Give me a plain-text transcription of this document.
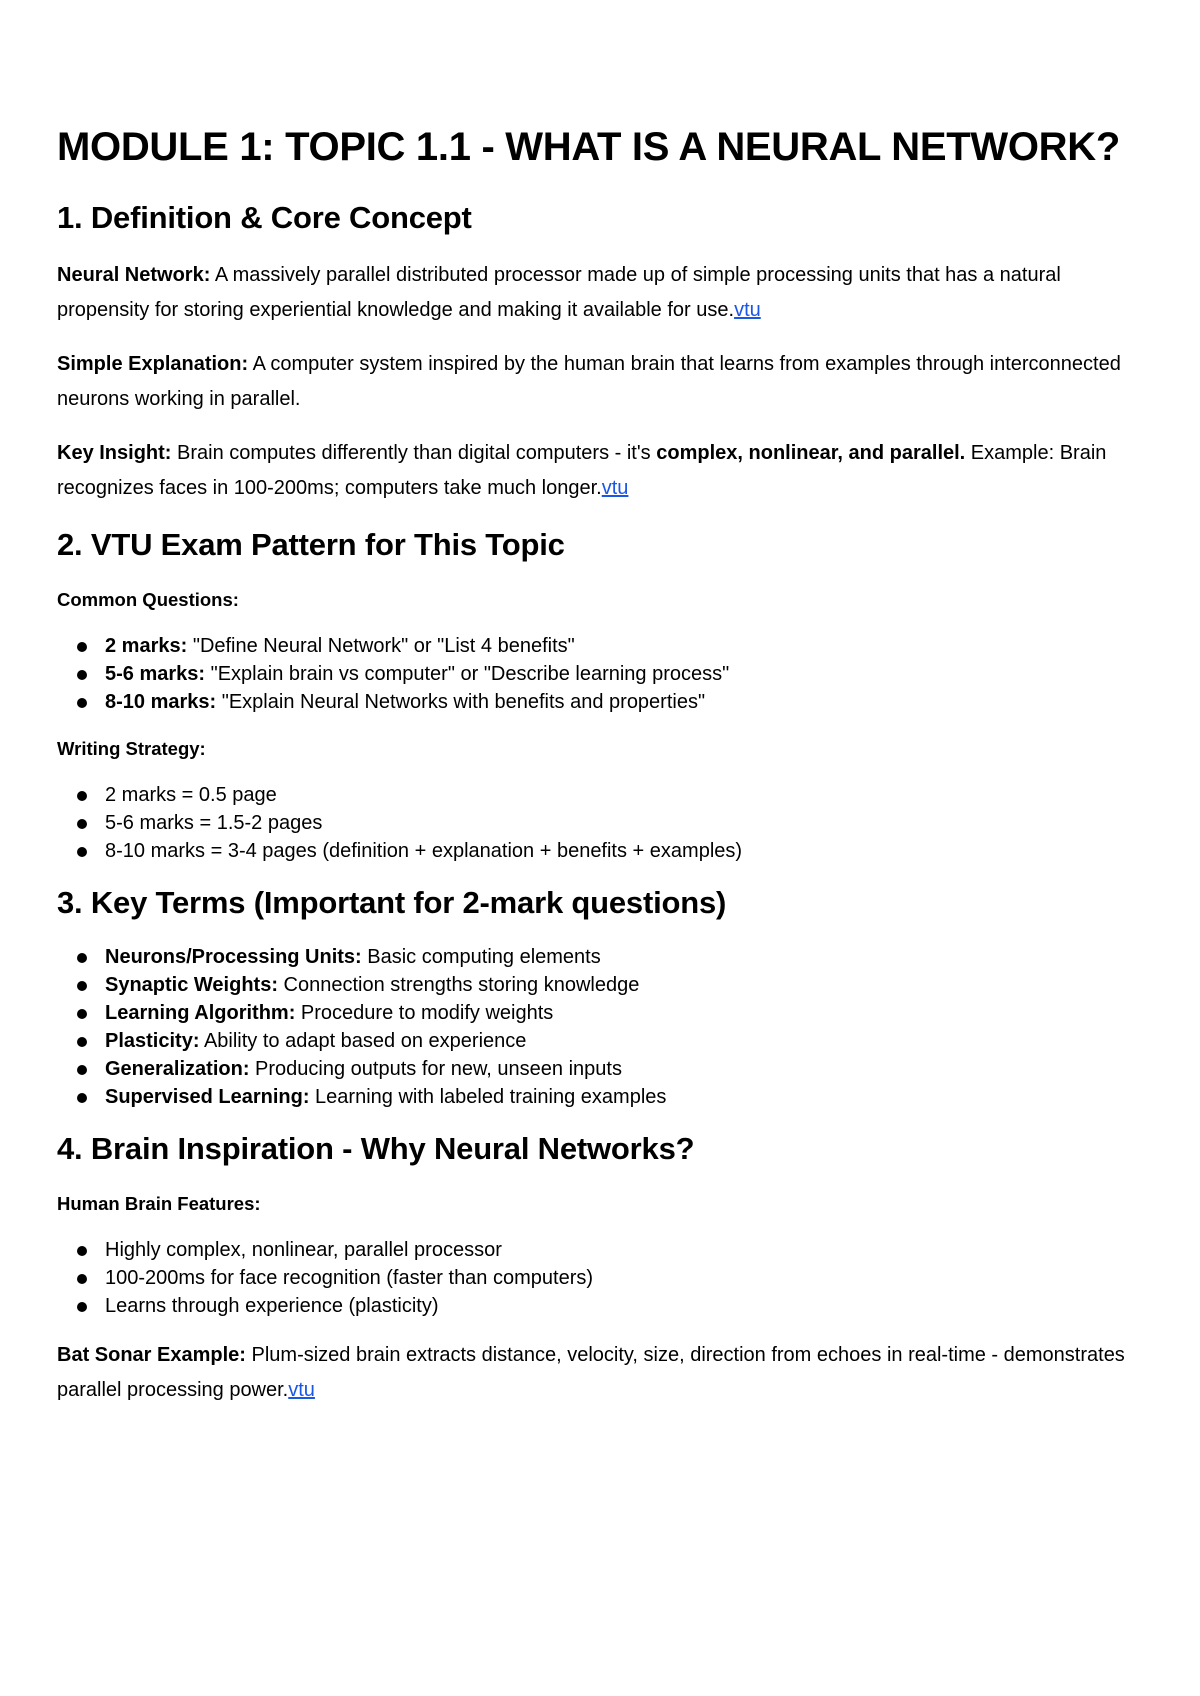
MODULE 1: TOPIC 1.1 - WHAT IS A NEURAL NETWORK?
1. Definition & Core Concept

Neural Network: A massively parallel distributed processor made up of simple processing units that has a natural propensity for storing experiential knowledge and making it available for use.vtu

Simple Explanation: A computer system inspired by the human brain that learns from examples through interconnected neurons working in parallel.

Key Insight: Brain computes differently than digital computers - it's complex, nonlinear, and parallel. Example: Brain recognizes faces in 100-200ms; computers take much longer.vtu

2. VTU Exam Pattern for This Topic

Common Questions:

2 marks: "Define Neural Network" or "List 4 benefits"
5-6 marks: "Explain brain vs computer" or "Describe learning process"
8-10 marks: "Explain Neural Networks with benefits and properties"

Writing Strategy:

2 marks = 0.5 page
5-6 marks = 1.5-2 pages
8-10 marks = 3-4 pages (definition + explanation + benefits + examples)
3. Key Terms (Important for 2-mark questions)
Neurons/Processing Units: Basic computing elements
Synaptic Weights: Connection strengths storing knowledge
Learning Algorithm: Procedure to modify weights
Plasticity: Ability to adapt based on experience
Generalization: Producing outputs for new, unseen inputs
Supervised Learning: Learning with labeled training examples
4. Brain Inspiration - Why Neural Networks?

Human Brain Features:

Highly complex, nonlinear, parallel processor
100-200ms for face recognition (faster than computers)
Learns through experience (plasticity)

Bat Sonar Example: Plum-sized brain extracts distance, velocity, size, direction from echoes in real-time - demonstrates parallel processing power.vtu
